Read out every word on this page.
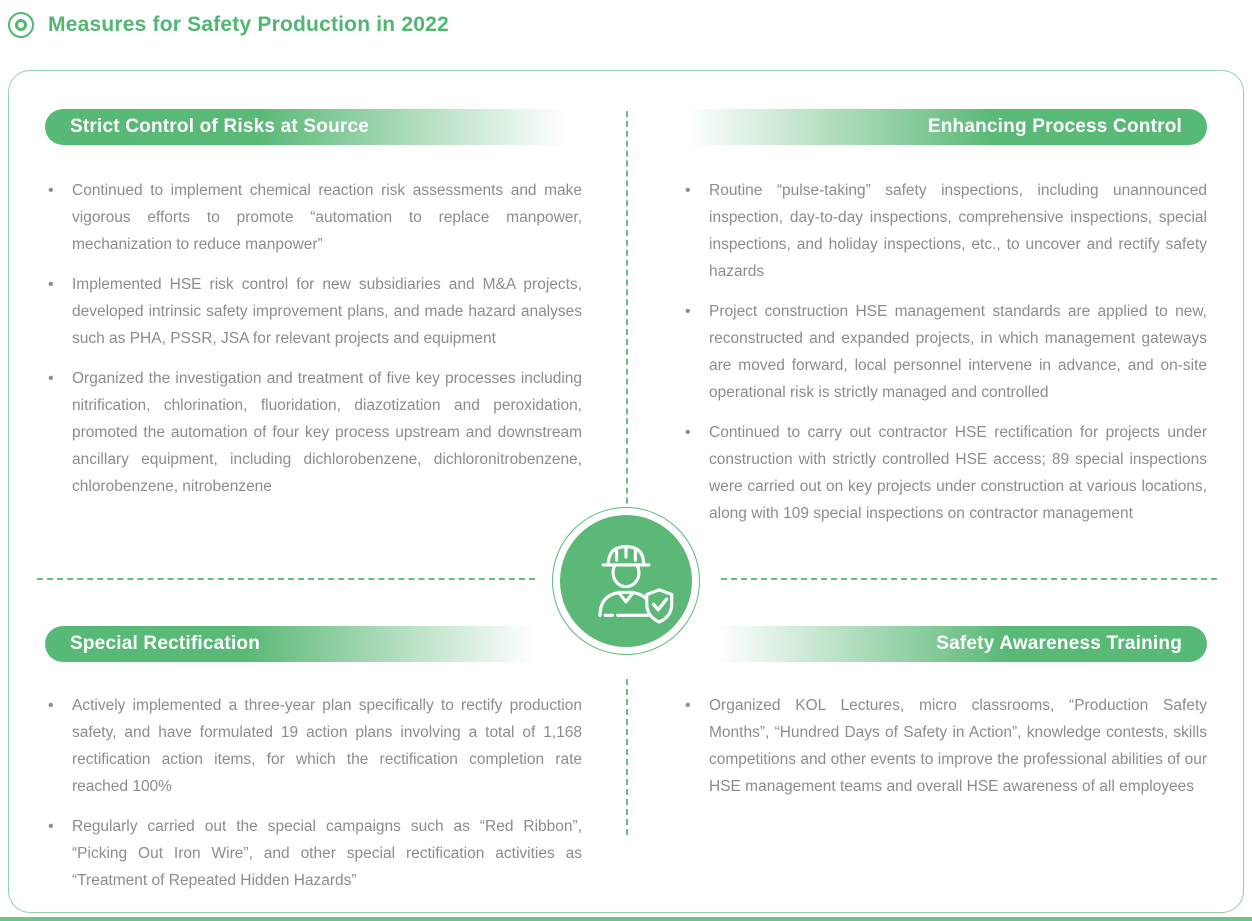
Measures for Safety Production in 2022
Strict Control of Risks at Source
• Continued to implement chemical reaction risk assessments and make vigorous efforts to promote “automation to replace manpower, mechanization to reduce manpower”
• Implemented HSE risk control for new subsidiaries and M&A projects, developed intrinsic safety improvement plans, and made hazard analyses such as PHA, PSSR, JSA for relevant projects and equipment
• Organized the investigation and treatment of five key processes including nitrification, chlorination, fluoridation, diazotization and peroxidation, promoted the automation of four key process upstream and downstream ancillary equipment, including dichlorobenzene, dichloronitrobenzene, chlorobenzene, nitrobenzene
Enhancing Process Control
• Routine “pulse-taking” safety inspections, including unannounced inspection, day-to-day inspections, comprehensive inspections, special inspections, and holiday inspections, etc., to uncover and rectify safety hazards
• Project construction HSE management standards are applied to new, reconstructed and expanded projects, in which management gateways are moved forward, local personnel intervene in advance, and on-site operational risk is strictly managed and controlled
• Continued to carry out contractor HSE rectification for projects under construction with strictly controlled HSE access; 89 special inspections were carried out on key projects under construction at various locations, along with 109 special inspections on contractor management
Special Rectification
• Actively implemented a three-year plan specifically to rectify production safety, and have formulated 19 action plans involving a total of 1,168 rectification action items, for which the rectification completion rate reached 100%
• Regularly carried out the special campaigns such as “Red Ribbon”, “Picking Out Iron Wire”, and other special rectification activities as “Treatment of Repeated Hidden Hazards”
Safety Awareness Training
• Organized KOL Lectures, micro classrooms, “Production Safety Months”, “Hundred Days of Safety in Action”, knowledge contests, skills competitions and other events to improve the professional abilities of our HSE management teams and overall HSE awareness of all employees
